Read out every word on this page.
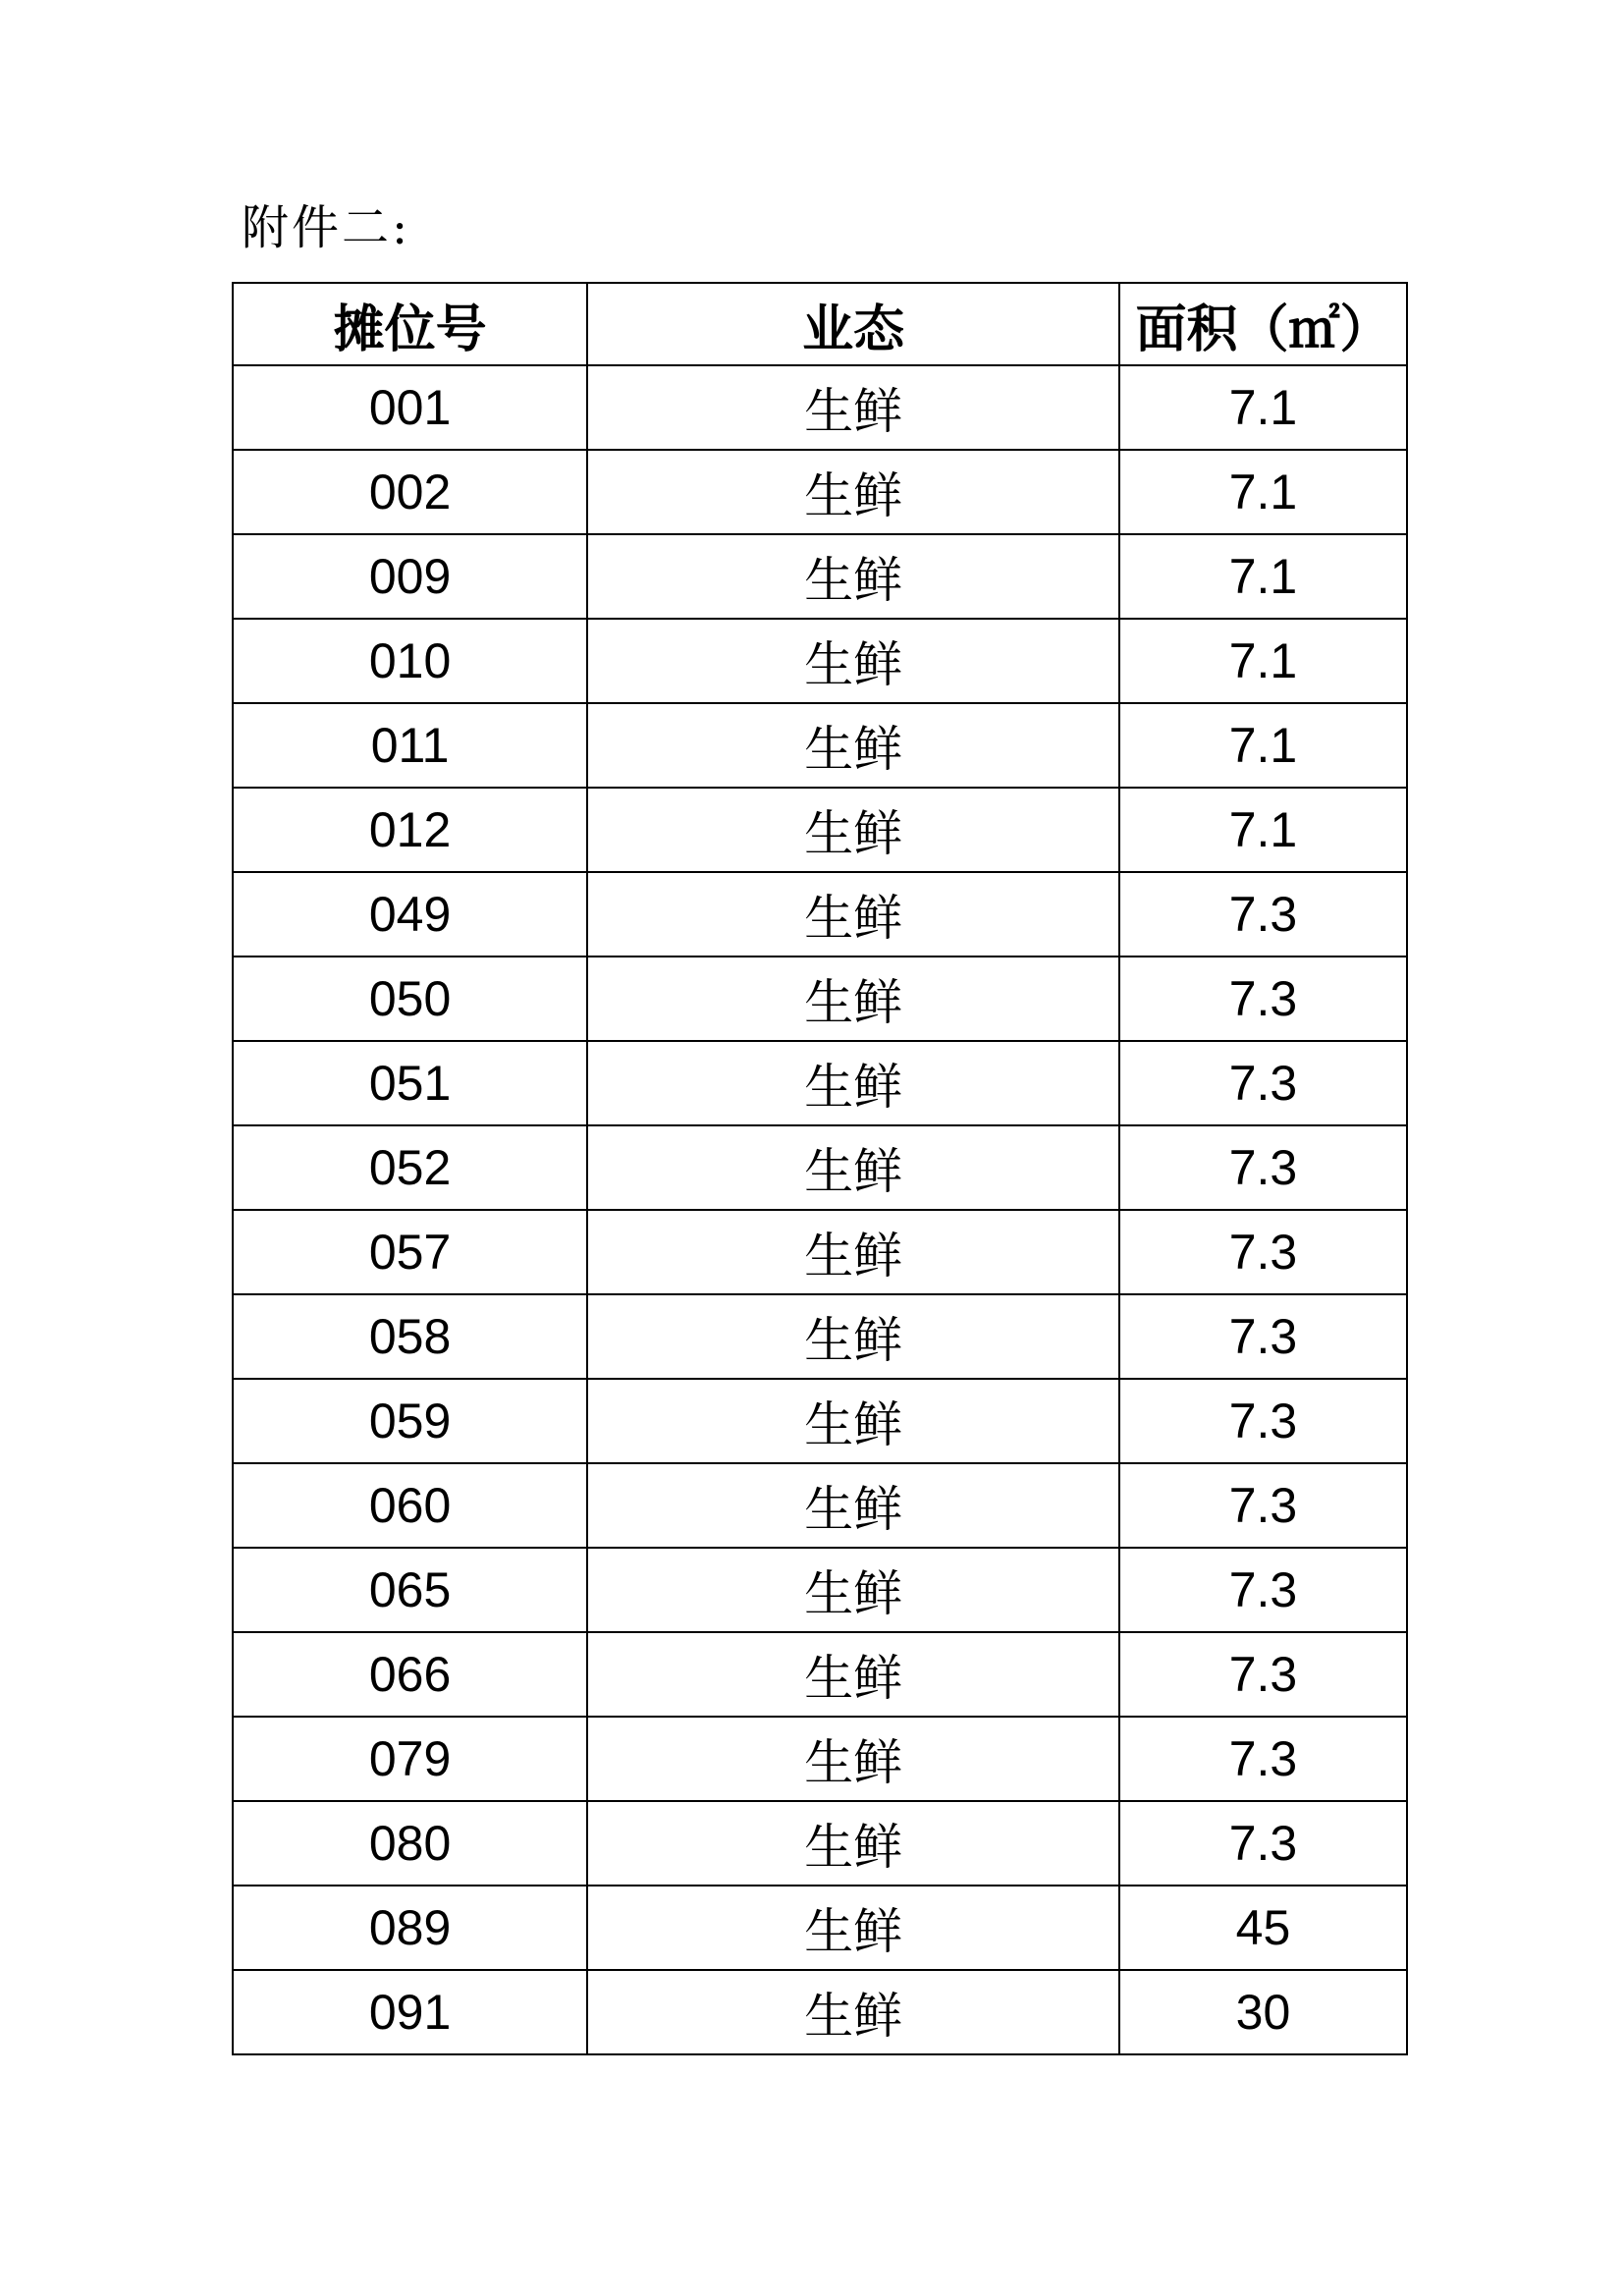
附件二:
摊位号	业态	面积（㎡）
001	生鲜	7.1
002	生鲜	7.1
009	生鲜	7.1
010	生鲜	7.1
011	生鲜	7.1
012	生鲜	7.1
049	生鲜	7.3
050	生鲜	7.3
051	生鲜	7.3
052	生鲜	7.3
057	生鲜	7.3
058	生鲜	7.3
059	生鲜	7.3
060	生鲜	7.3
065	生鲜	7.3
066	生鲜	7.3
079	生鲜	7.3
080	生鲜	7.3
089	生鲜	45
091	生鲜	30
